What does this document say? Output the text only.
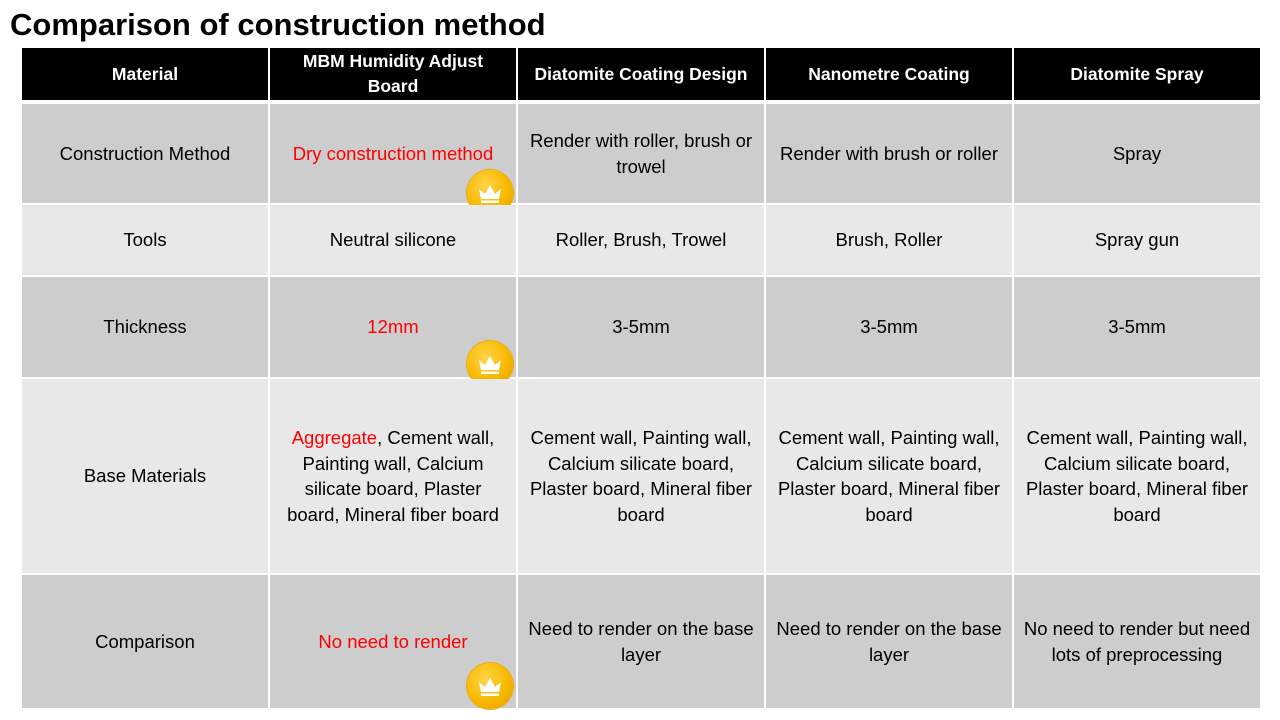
Comparison of construction method
Material	MBM Humidity Adjust Board	Diatomite Coating Design	Nanometre Coating	Diatomite Spray
Construction Method	Dry construction method	Render with roller, brush or trowel	Render with brush or roller	Spray
Tools	Neutral silicone	Roller, Brush, Trowel	Brush, Roller	Spray gun
Thickness	12mm	3-5mm	3-5mm	3-5mm
Base Materials	Aggregate, Cement wall, Painting wall, Calcium silicate board, Plaster board, Mineral fiber board	Cement wall, Painting wall, Calcium silicate board, Plaster board, Mineral fiber board	Cement wall, Painting wall, Calcium silicate board, Plaster board, Mineral fiber board	Cement wall, Painting wall, Calcium silicate board, Plaster board, Mineral fiber board
Comparison	No need to render	Need to render on the base layer	Need to render on the base layer	No need to render but need lots of preprocessing
